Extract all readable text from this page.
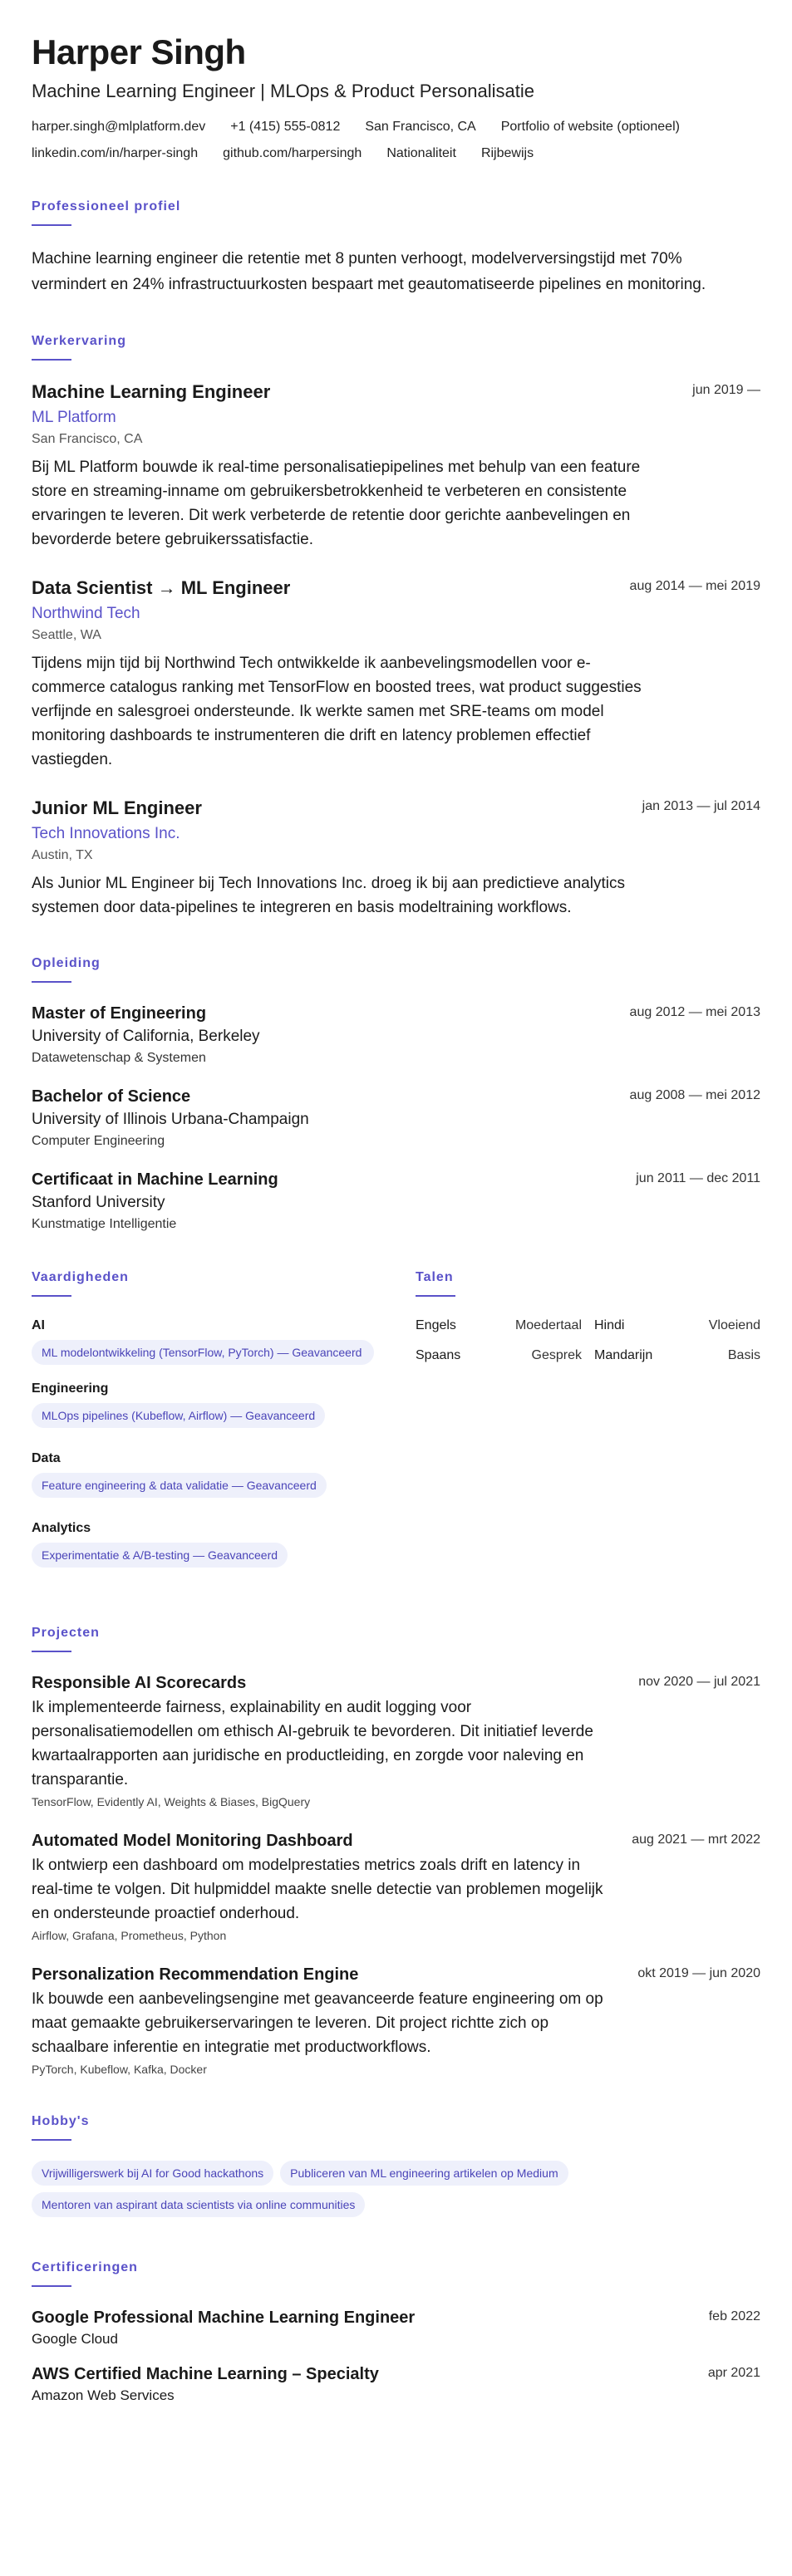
Harper Singh
Machine Learning Engineer | MLOps & Product Personalisatie
harper.singh@mlplatform.dev +1 (415) 555-0812 San Francisco, CA Portfolio of website (optioneel)
linkedin.com/in/harper-singh github.com/harpersingh Nationaliteit Rijbewijs
Professioneel profiel
Machine learning engineer die retentie met 8 punten verhoogt, modelverversingstijd met 70% vermindert en 24% infrastructuurkosten bespaart met geautomatiseerde pipelines en monitoring.
Werkervaring
Machine Learning Engineer	jun 2019 —
ML Platform
San Francisco, CA
Bij ML Platform bouwde ik real-time personalisatiepipelines met behulp van een feature store en streaming-inname om gebruikersbetrokkenheid te verbeteren en consistente ervaringen te leveren. Dit werk verbeterde de retentie door gerichte aanbevelingen en bevorderde betere gebruikerssatisfactie.
Data Scientist → ML Engineer	aug 2014 — mei 2019
Northwind Tech
Seattle, WA
Tijdens mijn tijd bij Northwind Tech ontwikkelde ik aanbevelingsmodellen voor e-commerce catalogus ranking met TensorFlow en boosted trees, wat product suggesties verfijnde en salesgroei ondersteunde. Ik werkte samen met SRE-teams om model monitoring dashboards te instrumenteren die drift en latency problemen effectief vastiegden.
Junior ML Engineer	jan 2013 — jul 2014
Tech Innovations Inc.
Austin, TX
Als Junior ML Engineer bij Tech Innovations Inc. droeg ik bij aan predictieve analytics systemen door data-pipelines te integreren en basis modeltraining workflows.
Opleiding
Master of Engineering	aug 2012 — mei 2013
University of California, Berkeley
Datawetenschap & Systemen
Bachelor of Science	aug 2008 — mei 2012
University of Illinois Urbana-Champaign
Computer Engineering
Certificaat in Machine Learning	jun 2011 — dec 2011
Stanford University
Kunstmatige Intelligentie
Vaardigheden
AI
ML modelontwikkeling (TensorFlow, PyTorch) — Geavanceerd
Engineering
MLOps pipelines (Kubeflow, Airflow) — Geavanceerd
Data
Feature engineering & data validatie — Geavanceerd
Analytics
Experimentatie & A/B-testing — Geavanceerd
Talen
Engels	Moedertaal Hindi	Vloeiend
Spaans	Gesprek Mandarijn	Basis
Projecten
Responsible AI Scorecards	nov 2020 — jul 2021
Ik implementeerde fairness, explainability en audit logging voor personalisatiemodellen om ethisch AI-gebruik te bevorderen. Dit initiatief leverde kwartaalrapporten aan juridische en productleiding, en zorgde voor naleving en transparantie.
TensorFlow, Evidently AI, Weights & Biases, BigQuery
Automated Model Monitoring Dashboard	aug 2021 — mrt 2022
Ik ontwierp een dashboard om modelprestaties metrics zoals drift en latency in real-time te volgen. Dit hulpmiddel maakte snelle detectie van problemen mogelijk en ondersteunde proactief onderhoud.
Airflow, Grafana, Prometheus, Python
Personalization Recommendation Engine	okt 2019 — jun 2020
Ik bouwde een aanbevelingsengine met geavanceerde feature engineering om op maat gemaakte gebruikerservaringen te leveren. Dit project richtte zich op schaalbare inferentie en integratie met productworkflows.
PyTorch, Kubeflow, Kafka, Docker
Hobby's
Vrijwilligerswerk bij AI for Good hackathons	Publiceren van ML engineering artikelen op Medium
Mentoren van aspirant data scientists via online communities
Certificeringen
Google Professional Machine Learning Engineer	feb 2022
Google Cloud
AWS Certified Machine Learning – Specialty	apr 2021
Amazon Web Services
